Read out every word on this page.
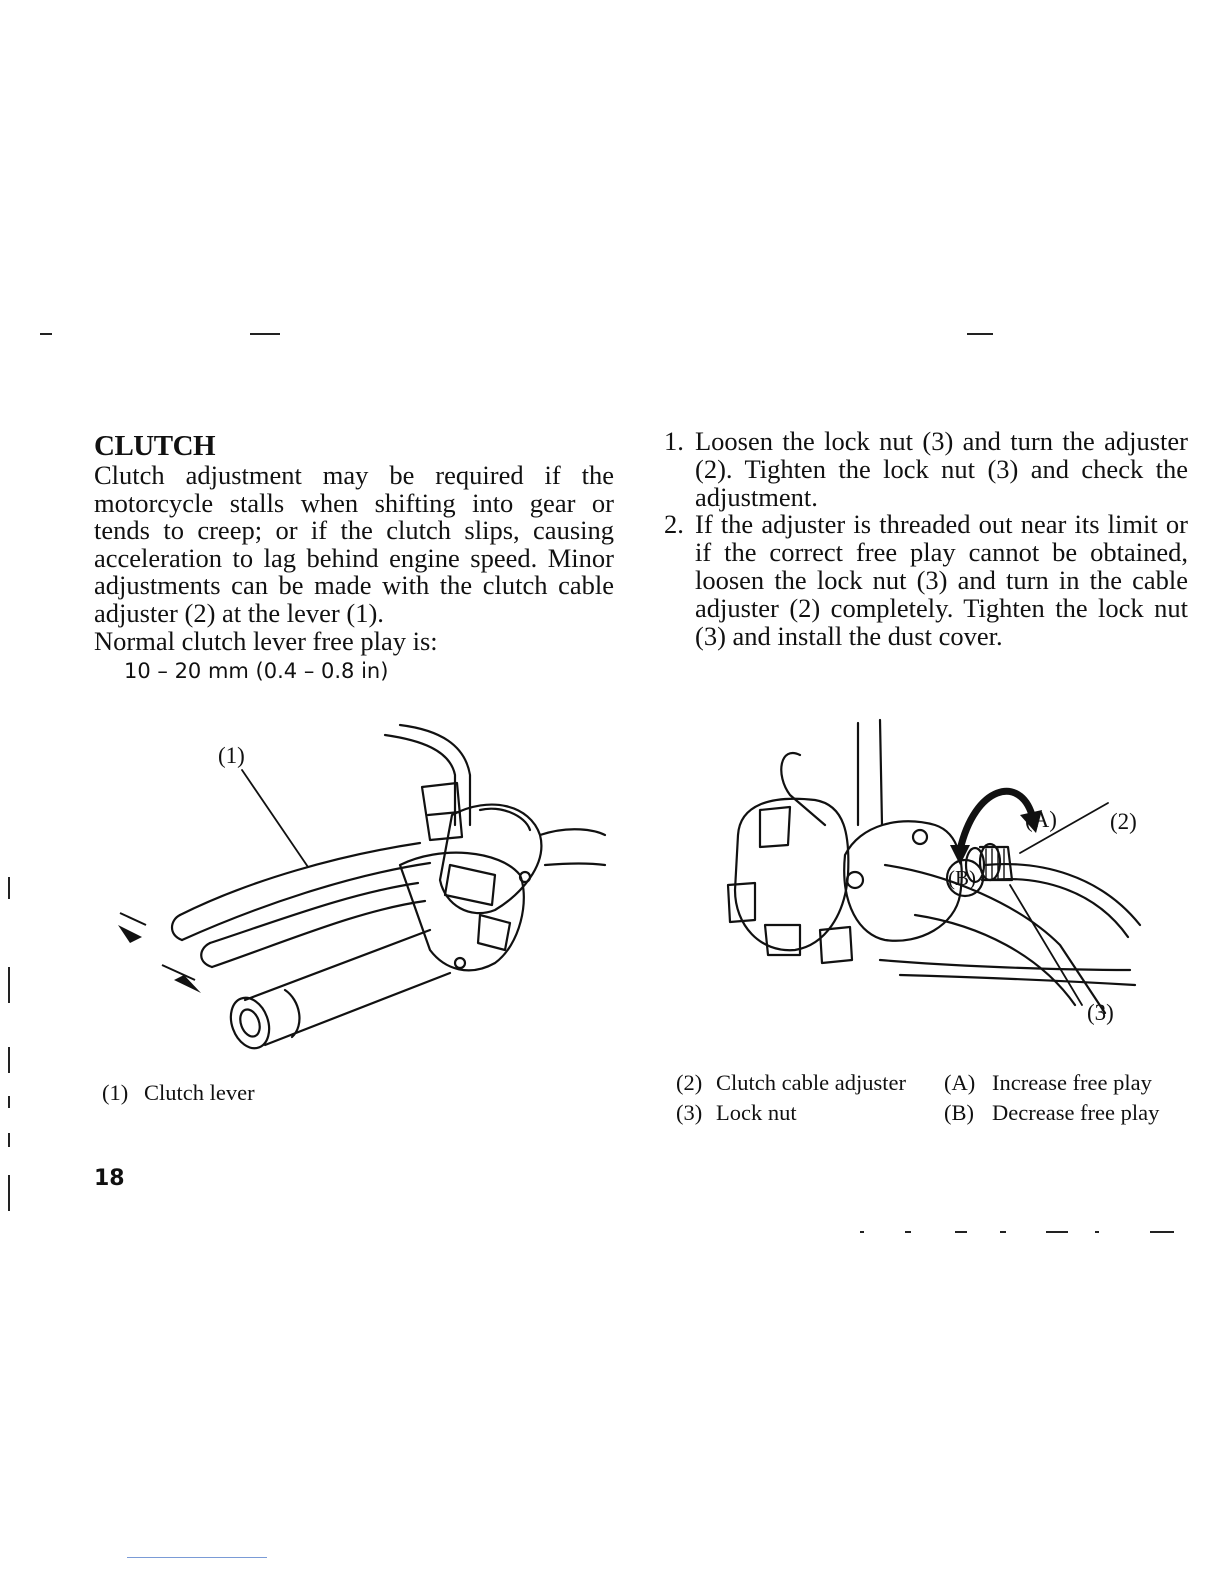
CLUTCH

Clutch adjustment may be required if the motorcycle stalls when shifting into gear or tends to creep; or if the clutch slips, causing acceleration to lag behind engine speed. Minor adjustments can be made with the clutch cable adjuster (2) at the lever (1).

Normal clutch lever free play is:

10 – 20 mm (0.4 – 0.8 in)

1. Loosen the lock nut (3) and turn the adjuster (2). Tighten the lock nut (3) and check the adjustment.
2. If the adjuster is threaded out near its limit or if the correct free play cannot be obtained, loosen the lock nut (3) and turn in the cable adjuster (2) completely. Tighten the lock nut (3) and install the dust cover.
(1)
(A)
(B)
(2)
(3)
(1) Clutch lever	(2) Clutch cable adjuster (A) Increase free play
(3) Lock nut	(B) Decrease free play
18
